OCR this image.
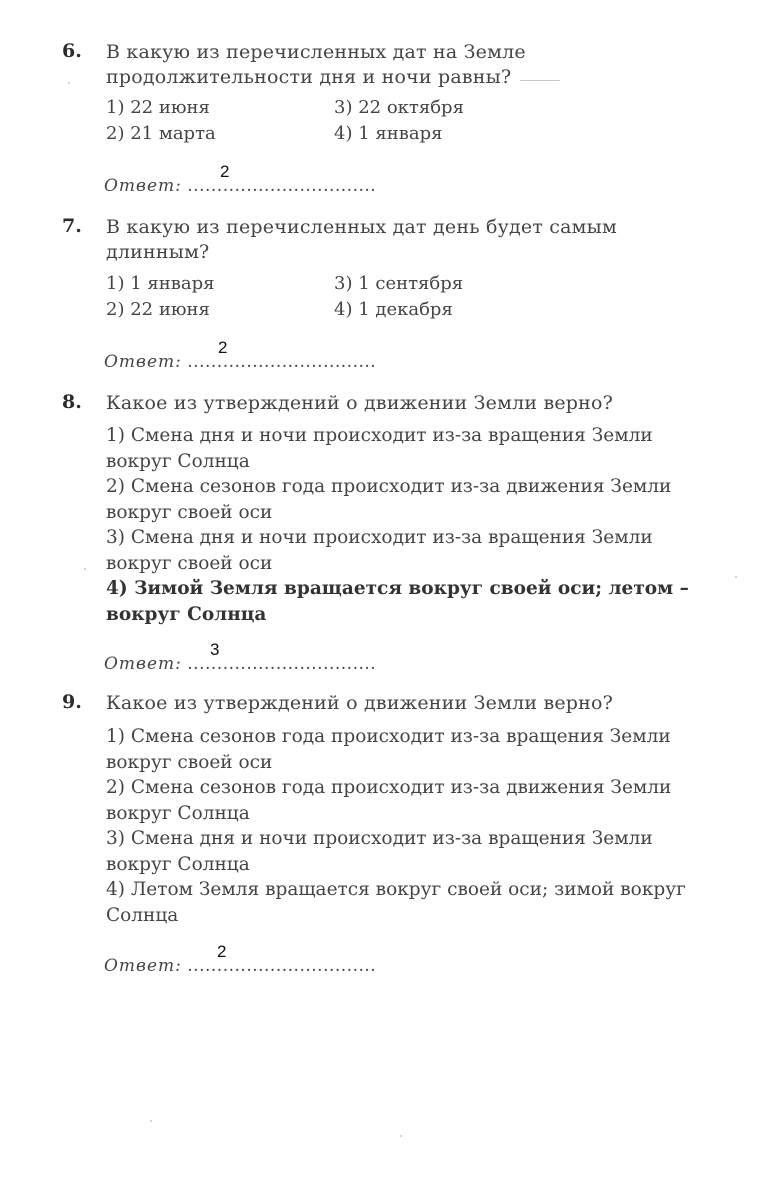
6. В какую из перечисленных дат на Земле продолжительности дня и ночи равны?
1) 22 июня	3) 22 октября
2) 21 марта	4) 1 января
Ответ: ................................
2
7. В какую из перечисленных дат день будет самым длинным?
1) 1 января	3) 1 сентября
2) 22 июня	4) 1 декабря
Ответ: ................................
2
8. Какое из утверждений о движении Земли верно?

1) Смена дня и ночи происходит из-за вращения Земли вокруг Солнца

2) Смена сезонов года происходит из-за движения Земли вокруг своей оси

3) Смена дня и ночи происходит из-за вращения Земли вокруг своей оси

4) Зимой Земля вращается вокруг своей оси; летом – вокруг Солнца

Ответ: ................................
3
9. Какое из утверждений о движении Земли верно?

1) Смена сезонов года происходит из-за вращения Земли вокруг своей оси

2) Смена сезонов года происходит из-за движения Земли вокруг Солнца

3) Смена дня и ночи происходит из-за вращения Земли вокруг Солнца

4) Летом Земля вращается вокруг своей оси; зимой вокруг Солнца

Ответ: ................................
2
